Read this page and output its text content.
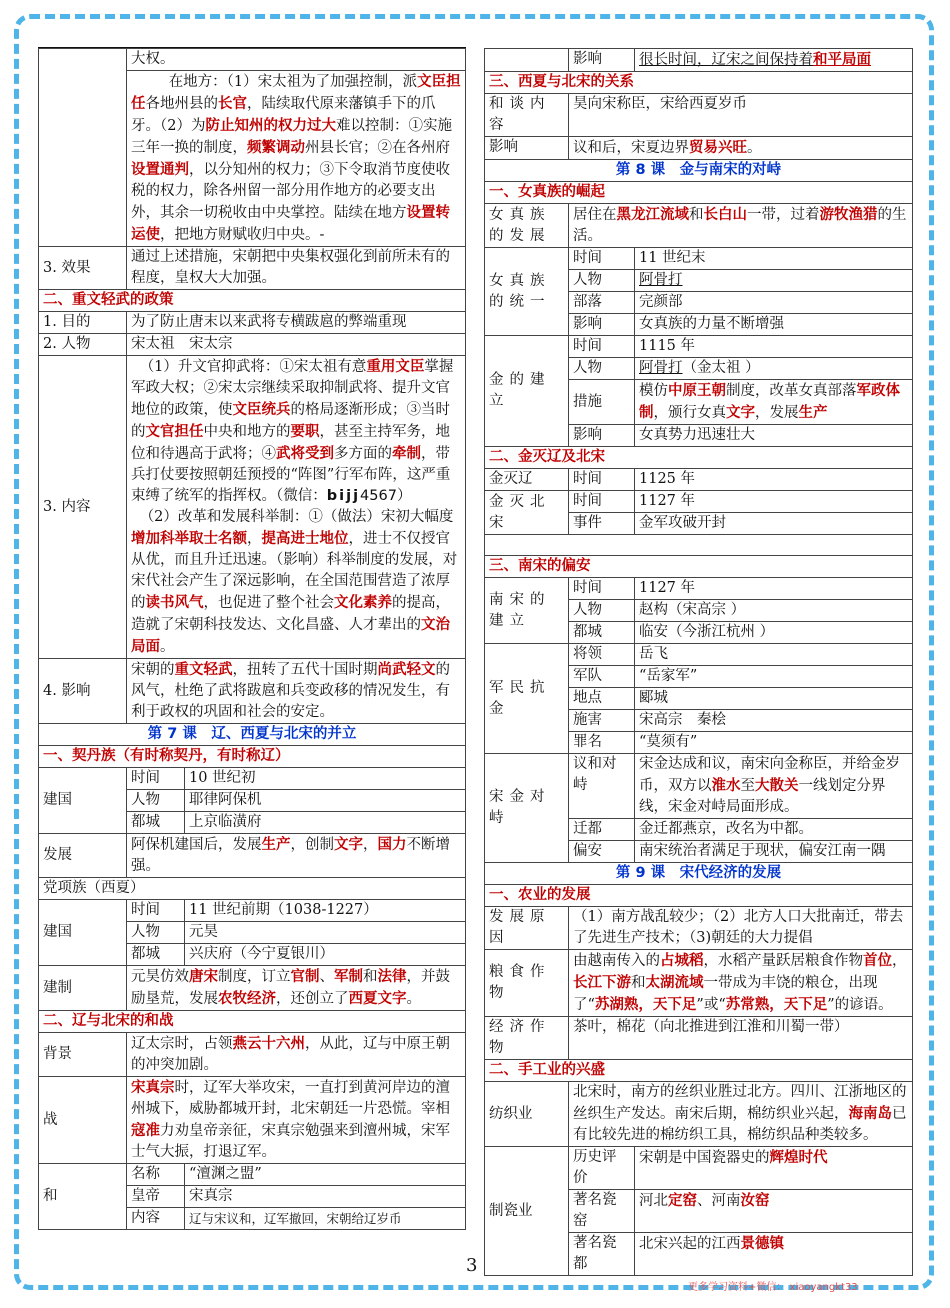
	大权。	
	在地方：（1）宋太祖为了加强控制，派文臣担任各地州县的长官，陆续取代原来藩镇手下的爪牙。（2）为防止知州的权力过大难以控制：①实施三年一换的制度，频繁调动州县长官；②在各州府设置通判，以分知州的权力；③下令取消节度使收税的权力，除各州留一部分用作地方的必要支出外，其余一切税收由中央掌控。陆续在地方设置转运使，把地方财赋收归中央。-	
3. 效果	通过上述措施，宋朝把中央集权强化到前所未有的程度，皇权大大加强。	
二、重文轻武的政策		
1. 目的	为了防止唐末以来武将专横跋扈的弊端重现	
2. 人物	宋太祖　宋太宗	
3. 内容	（1）升文官抑武将：①宋太祖有意重用文臣掌握军政大权；②宋太宗继续采取抑制武将、提升文官地位的政策，使文臣统兵的格局逐渐形成；③当时的文官担任中央和地方的要职，甚至主持军务，地位和待遇高于武将；④武将受到多方面的牵制，带兵打仗要按照朝廷预授的“阵图”行军布阵，这严重束缚了统军的指挥权。（微信：bijj4567）
（2）改革和发展科举制：①（做法）宋初大幅度增加科举取士名额，提高进士地位，进士不仅授官从优，而且升迁迅速。（影响）科举制度的发展，对宋代社会产生了深远影响，在全国范围营造了浓厚的读书风气，也促进了整个社会文化素养的提高，造就了宋朝科技发达、文化昌盛、人才辈出的文治局面。	
4. 影响	宋朝的重文轻武，扭转了五代十国时期尚武轻文的风气，杜绝了武将跋扈和兵变政移的情况发生，有利于政权的巩固和社会的安定。	
第 7 课　辽、西夏与北宋的并立		
一、契丹族（有时称契丹，有时称辽）		
建国	时间	10 世纪初
	人物	耶律阿保机
	都城	上京临潢府
发展	阿保机建国后，发展生产，创制文字，国力不断增强。	
党项族（西夏）		
建国	时间	11 世纪前期（1038-1227）
	人物	元昊
	都城	兴庆府（今宁夏银川）
建制	元昊仿效唐宋制度，订立官制、军制和法律，并鼓励垦荒，发展农牧经济，还创立了西夏文字。	
二、辽与北宋的和战		
背景	辽太宗时，占领燕云十六州，从此，辽与中原王朝的冲突加剧。	
战	宋真宗时，辽军大举攻宋，一直打到黄河岸边的澶州城下，威胁都城开封，北宋朝廷一片恐慌。宰相寇准力劝皇帝亲征，宋真宗勉强来到澶州城，宋军士气大振，打退辽军。	
和	名称	“澶渊之盟”
	皇帝	宋真宗
	内容	辽与宋议和，辽军撤回，宋朝给辽岁币
	影响	很长时间，辽宋之间保持着和平局面
三、西夏与北宋的关系		
和谈内容	昊向宋称臣，宋给西夏岁币	
影响	议和后，宋夏边界贸易兴旺。	
第 8 课　金与南宋的对峙		
一、女真族的崛起		
女真族的发展	居住在黑龙江流域和长白山一带，过着游牧渔猎的生活。	
女真族的统一	时间	11 世纪末
	人物	阿骨打
	部落	完颜部
	影响	女真族的力量不断增强
金的建立	时间	1115 年
	人物	阿骨打（金太祖 ）
	措施	模仿中原王朝制度，改革女真部落军政体制，颁行女真文字，发展生产
	影响	女真势力迅速壮大
二、金灭辽及北宋		
金灭辽	时间	1125 年
金灭北宋	时间	1127 年
	事件	金军攻破开封

三、南宋的偏安		
南宋的建立	时间	1127 年
	人物	赵构（宋高宗 ）
	都城	临安（今浙江杭州 ）
军民抗金	将领	岳飞
	军队	“岳家军”
	地点	郾城
	施害	宋高宗　秦桧
	罪名	“莫须有”
宋金对峙	议和对峙	宋金达成和议，南宋向金称臣，并给金岁币，双方以淮水至大散关一线划定分界线，宋金对峙局面形成。
	迁都	金迁都燕京，改名为中都。
	偏安	南宋统治者满足于现状，偏安江南一隅
第 9 课　宋代经济的发展		
一、农业的发展		
发展原因	（1）南方战乱较少；（2）北方人口大批南迁，带去了先进生产技术；（3)朝廷的大力提倡	
粮食作物	由越南传入的占城稻，水稻产量跃居粮食作物首位，长江下游和太湖流域一带成为丰饶的粮仓，出现了“苏湖熟，天下足”或“苏常熟，天下足”的谚语。	
经济作物	茶叶，棉花（向北推进到江淮和川蜀一带）	
二、手工业的兴盛		
纺织业	北宋时，南方的丝织业胜过北方。四川、江浙地区的丝织生产发达。南宋后期，棉纺织业兴起，海南岛已有比较先进的棉纺织工具，棉纺织品种类较多。	
制瓷业	历史评价	宋朝是中国瓷器史的辉煌时代
	著名瓷窑	河北定窑、河南汝窑
	著名瓷都	北宋兴起的江西景德镇
3
更多学习资料+微信： xiaoyangkt33
